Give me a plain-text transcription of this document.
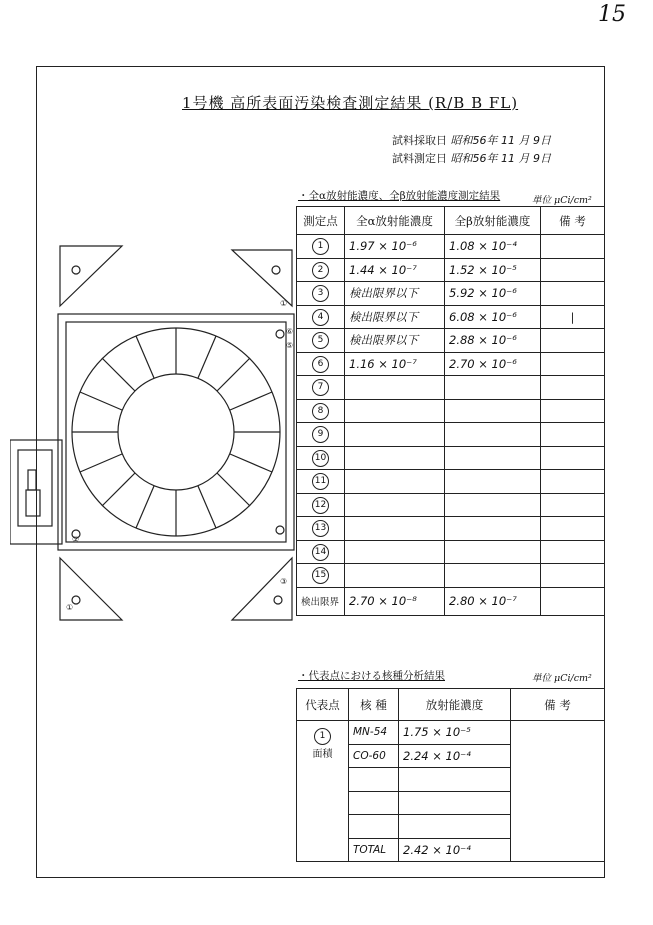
15
1号機 高所表面汚染検査測定結果 (R/B B FL)
試料採取日 昭和56年 11 月 9日
試料測定日 昭和56年 11 月 9日
・全α放射能濃度、全β放射能濃度測定結果	単位 μCi/cm²
①
⑥
⑤
②
③
①
測定点	全α放射能濃度	全β放射能濃度	備 考
1	1.97 × 10⁻⁶	1.08 × 10⁻⁴	
2	1.44 × 10⁻⁷	1.52 × 10⁻⁵	
3	検出限界以下	5.92 × 10⁻⁶	
4	検出限界以下	6.08 × 10⁻⁶	|
5	検出限界以下	2.88 × 10⁻⁶	
6	1.16 × 10⁻⁷	2.70 × 10⁻⁶	
7			
8			
9			
10			
11			
12			
13			
14			
15			
検出限界	2.70 × 10⁻⁸	2.80 × 10⁻⁷	
・代表点における核種分析結果	単位 μCi/cm²
代表点	核 種	放射能濃度	備 考
1
面積	MN-54	1.75 × 10⁻⁵	
	CO-60	2.24 × 10⁻⁴	

	TOTAL	2.42 × 10⁻⁴	
